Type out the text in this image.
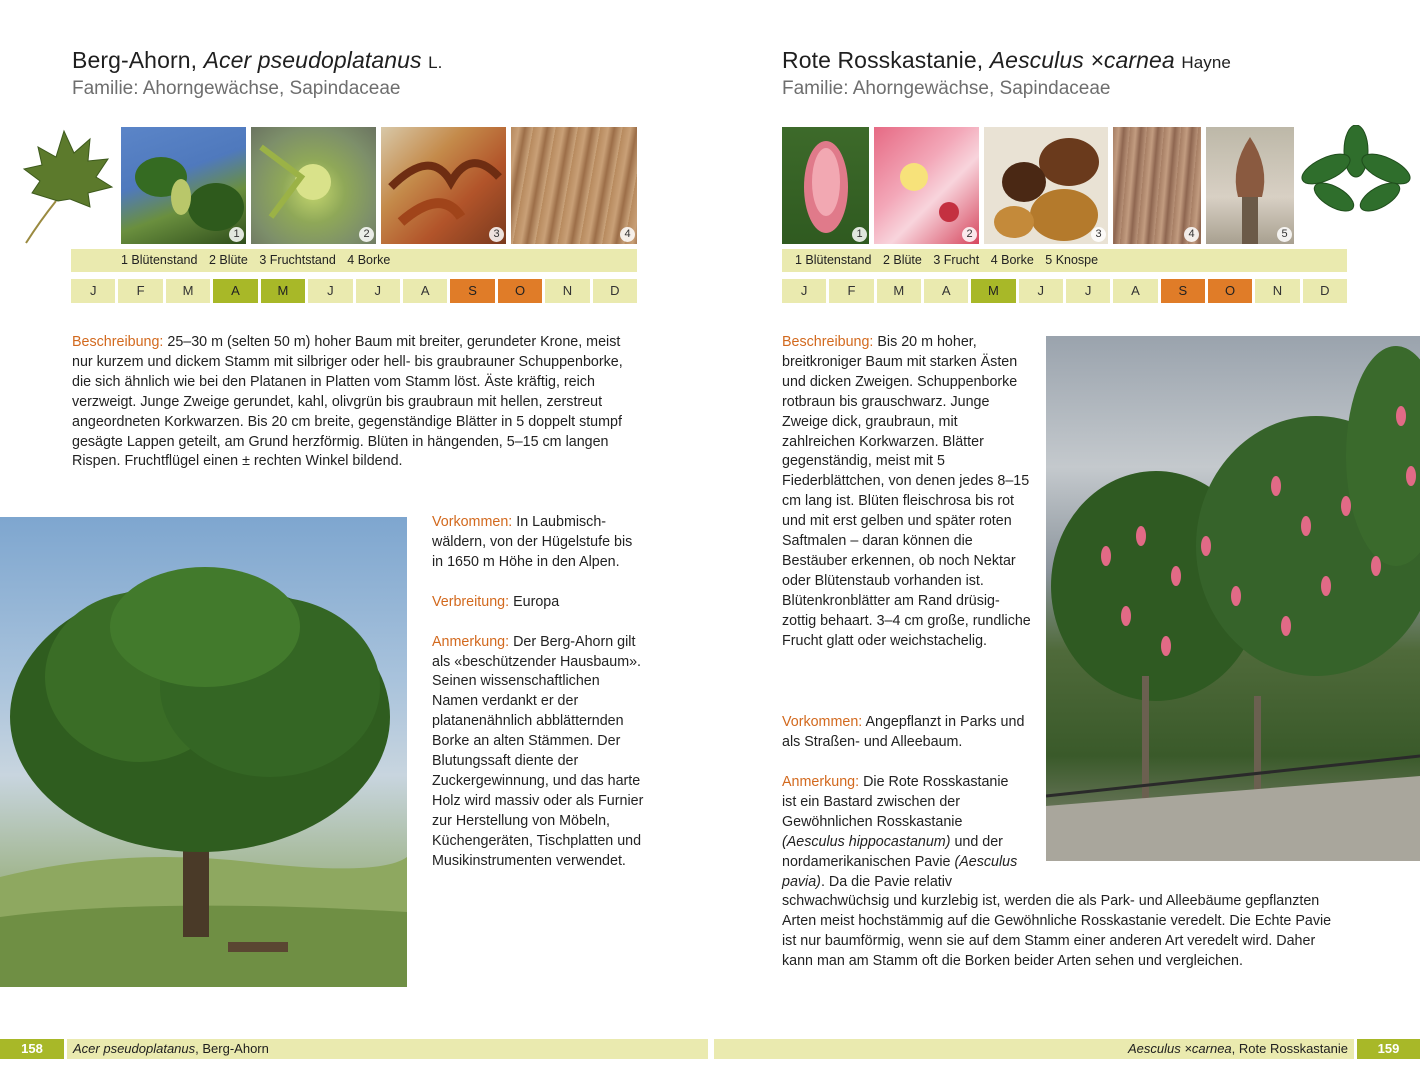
Berg-Ahorn, Acer pseudoplatanus L.
Familie: Ahorngewächse, Sapindaceae
1	2	3	4
1 Blütenstand 2 Blüte 3 Fruchtstand 4 Borke
J	F	M	A	M	J	J	A	S	O	N	D
Beschreibung: 25–30 m (selten 50 m) hoher Baum mit breiter, gerundeter Krone, meist nur kurzem und dickem Stamm mit silbriger oder hell- bis graubrauner Schuppenborke, die sich ähnlich wie bei den Platanen in Platten vom Stamm löst. Äste kräftig, reich verzweigt. Junge Zweige gerundet, kahl, olivgrün bis graubraun mit hellen, zerstreut angeordneten Korkwarzen. Bis 20 cm breite, gegenständige Blätter in 5 doppelt stumpf gesägte Lappen geteilt, am Grund herzförmig. Blüten in hängenden, 5–15 cm langen Rispen. Fruchtflügel einen ± rechten Winkel bildend.
Vorkommen: In Laubmischwäldern, von der Hügelstufe bis in 1650 m Höhe in den Alpen.
Verbreitung: Europa
Anmerkung: Der Berg-Ahorn gilt als «beschützender Hausbaum». Seinen wissenschaftlichen Namen verdankt er der platanenähnlich abblätternden Borke an alten Stämmen. Der Blutungssaft diente der Zuckergewinnung, und das harte Holz wird massiv oder als Furnier zur Herstellung von Möbeln, Küchengeräten, Tischplatten und Musikinstrumenten verwendet.
158	Acer pseudoplatanus, Berg-Ahorn
Rote Rosskastanie, Aesculus ×carnea Hayne
Familie: Ahorngewächse, Sapindaceae
1	2	3	4	5
1 Blütenstand 2 Blüte 3 Frucht 4 Borke 5 Knospe
J	F	M	A	M	J	J	A	S	O	N	D
Beschreibung: Bis 20 m hoher, breitkroniger Baum mit starken Ästen und dicken Zweigen. Schuppenborke rotbraun bis grauschwarz. Junge Zweige dick, graubraun, mit zahlreichen Korkwarzen. Blätter gegenständig, meist mit 5 Fiederblättchen, von denen jedes 8–15 cm lang ist. Blüten fleischrosa bis rot und mit erst gelben und später roten Saftmalen – daran können die Bestäuber erkennen, ob noch Nektar oder Blütenstaub vorhanden ist. Blütenkronblätter am Rand drüsig-zottig behaart. 3–4 cm große, rundliche Frucht glatt oder weichstachelig.
Vorkommen: Angepflanzt in Parks und als Straßen- und Alleebaum.
Anmerkung: Die Rote Rosskastanie ist ein Bastard zwischen der Gewöhnlichen Rosskastanie (Aesculus hippocastanum) und der nordamerikanischen Pavie (Aesculus pavia). Da die Pavie relativ schwachwüchsig und kurzlebig ist, werden die als Park- und Alleebäume gepflanzten Arten meist hochstämmig auf die Gewöhnliche Rosskastanie veredelt. Die Echte Pavie ist nur baumförmig, wenn sie auf dem Stamm einer anderen Art veredelt wird. Daher kann man am Stamm oft die Borken beider Arten sehen und vergleichen.
Aesculus ×carnea, Rote Rosskastanie	159
